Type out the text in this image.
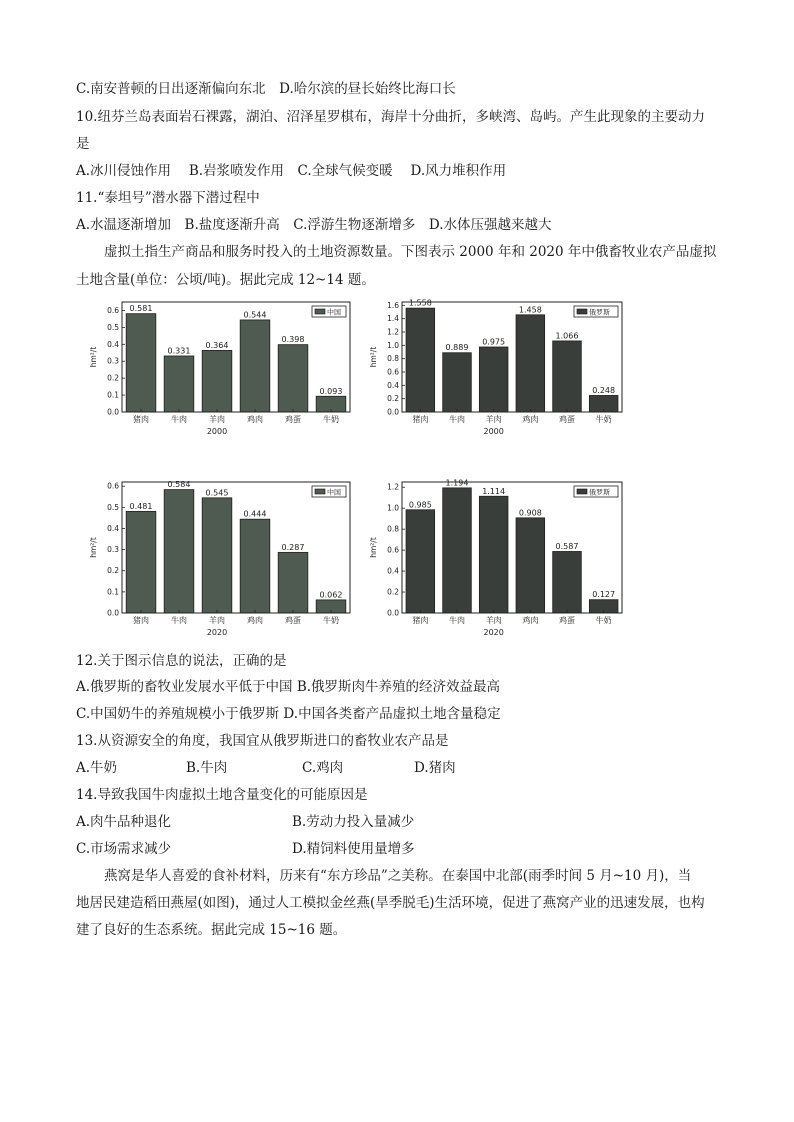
C.南安普顿的日出逐渐偏向东北　D.哈尔滨的昼长始终比海口长
10.纽芬兰岛表面岩石裸露，湖泊、沼泽星罗棋布，海岸十分曲折，多峡湾、岛屿。产生此现象的主要动力
是
A.冰川侵蚀作用　 B.岩浆喷发作用　C.全球气候变暖　 D.风力堆积作用
11.“泰坦号”潜水器下潜过程中
A.水温逐渐增加　B.盐度逐渐升高　C.浮游生物逐渐增多　D.水体压强越来越大
虚拟土指生产商品和服务时投入的土地资源数量。下图表示 2000 年和 2020 年中俄畜牧业农产品虚拟
土地含量(单位：公顷/吨)。据此完成 12~14 题。
hm²/t
0.0
0.1
0.2
0.3
0.4
0.5
0.6 0.581
猪肉
0.331
牛肉
0.364
羊肉
0.544
鸡肉
0.398
鸡蛋
0.093
牛奶
2000
中国
hm²/t
0.0
0.2
0.4
0.6
0.8
1.0
1.2
1.4
1.6 1.558
猪肉
0.889
牛肉
0.975
羊肉
1.458
鸡肉
1.066
鸡蛋
0.248
牛奶
2000
俄罗斯
hm²/t
0.0
0.1
0.2
0.3
0.4
0.5
0.6
0.481
猪肉
0.584
牛肉
0.545
羊肉
0.444
鸡肉
0.287
鸡蛋
0.062
牛奶
2020
中国
hm²/t
0.0
0.2
0.4
0.6
0.8
1.0
1.2
0.985
猪肉
1.194
牛肉
1.114
羊肉
0.908
鸡肉
0.587
鸡蛋
0.127
牛奶
2020
俄罗斯
12.关于图示信息的说法，正确的是
A.俄罗斯的畜牧业发展水平低于中国 B.俄罗斯肉牛养殖的经济效益最高
C.中国奶牛的养殖规模小于俄罗斯 D.中国各类畜产品虚拟土地含量稳定
13.从资源安全的角度，我国宜从俄罗斯进口的畜牧业农产品是
A.牛奶	B.牛肉	C.鸡肉	D.猪肉
14.导致我国牛肉虚拟土地含量变化的可能原因是
A.肉牛品种退化	B.劳动力投入量减少
C.市场需求减少	D.精饲料使用量增多
燕窝是华人喜爱的食补材料，历来有“东方珍品”之美称。在泰国中北部(雨季时间 5 月~10 月)，当
地居民建造稻田燕屋(如图)，通过人工模拟金丝燕(旱季脱毛)生活环境，促进了燕窝产业的迅速发展，也构
建了良好的生态系统。据此完成 15~16 题。
